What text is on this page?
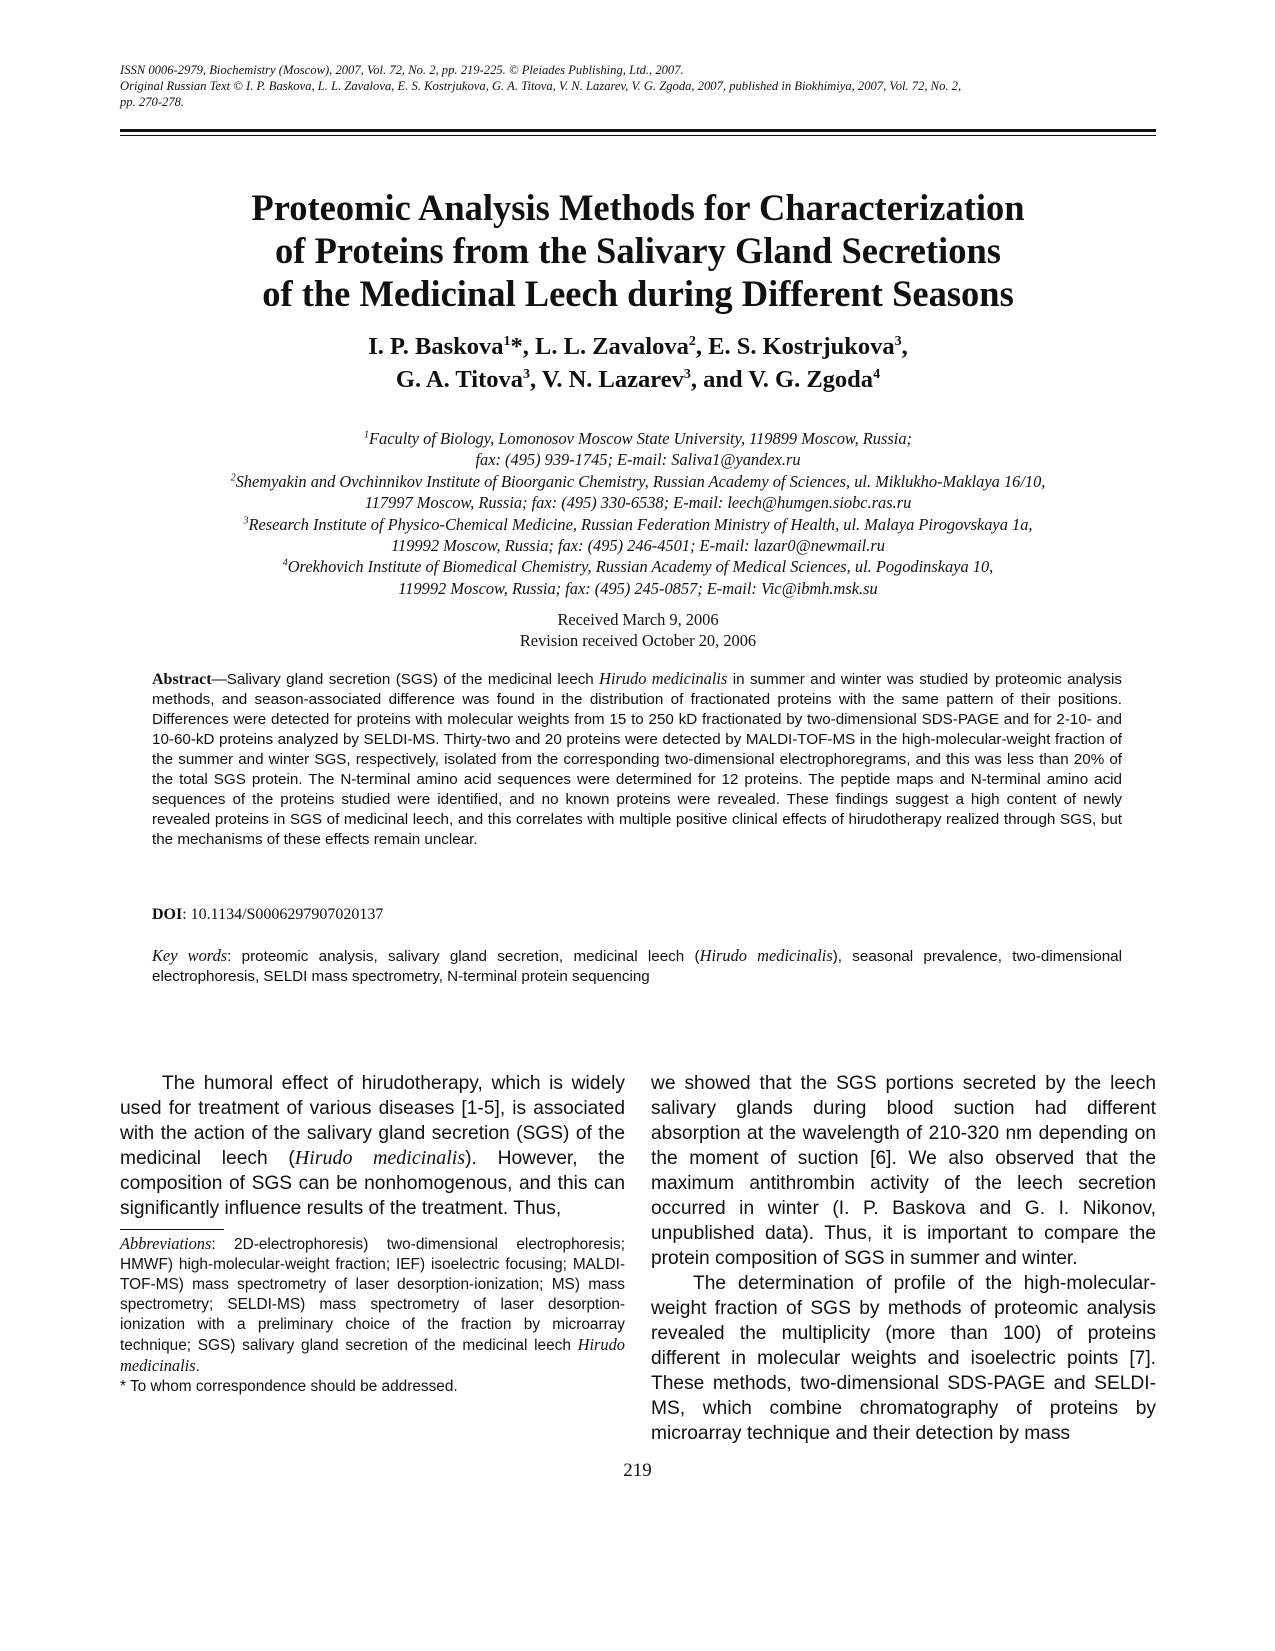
ISSN 0006-2979, Biochemistry (Moscow), 2007, Vol. 72, No. 2, pp. 219-225. © Pleiades Publishing, Ltd., 2007.
Original Russian Text © I. P. Baskova, L. L. Zavalova, E. S. Kostrjukova, G. A. Titova, V. N. Lazarev, V. G. Zgoda, 2007, published in Biokhimiya, 2007, Vol. 72, No. 2,
pp. 270-278.
Proteomic Analysis Methods for Characterization
of Proteins from the Salivary Gland Secretions
of the Medicinal Leech during Different Seasons
I. P. Baskova$^1$*, L. L. Zavalova$^2$, E. S. Kostrjukova$^3$,
G. A. Titova$^3$, V. N. Lazarev$^3$, and V. G. Zgoda$^4$
$^1$Faculty of Biology, Lomonosov Moscow State University, 119899 Moscow, Russia;
fax: (495) 939-1745; E-mail: Saliva1@yandex.ru
$^2$Shemyakin and Ovchinnikov Institute of Bioorganic Chemistry, Russian Academy of Sciences, ul. Miklukho-Maklaya 16/10,
117997 Moscow, Russia; fax: (495) 330-6538; E-mail: leech@humgen.siobc.ras.ru
$^3$Research Institute of Physico-Chemical Medicine, Russian Federation Ministry of Health, ul. Malaya Pirogovskaya 1a,
119992 Moscow, Russia; fax: (495) 246-4501; E-mail: lazar0@newmail.ru
$^4$Orekhovich Institute of Biomedical Chemistry, Russian Academy of Medical Sciences, ul. Pogodinskaya 10,
119992 Moscow, Russia; fax: (495) 245-0857; E-mail: Vic@ibmh.msk.su
Received March 9, 2006
Revision received October 20, 2006
Abstract—Salivary gland secretion (SGS) of the medicinal leech Hirudo medicinalis in summer and winter was studied by proteomic analysis methods, and season-associated difference was found in the distribution of fractionated proteins with the same pattern of their positions. Differences were detected for proteins with molecular weights from 15 to 250 kD fractionated by two-dimensional SDS-PAGE and for 2-10- and 10-60-kD proteins analyzed by SELDI-MS. Thirty-two and 20 proteins were detected by MALDI-TOF-MS in the high-molecular-weight fraction of the summer and winter SGS, respectively, isolated from the corresponding two-dimensional electrophoregrams, and this was less than 20% of the total SGS protein. The N-terminal amino acid sequences were determined for 12 proteins. The peptide maps and N-terminal amino acid sequences of the proteins studied were identified, and no known proteins were revealed. These findings suggest a high content of newly revealed proteins in SGS of medicinal leech, and this correlates with multiple positive clinical effects of hirudotherapy realized through SGS, but the mechanisms of these effects remain unclear.
DOI: 10.1134/S0006297907020137
Key words: proteomic analysis, salivary gland secretion, medicinal leech (Hirudo medicinalis), seasonal prevalence, two-dimensional electrophoresis, SELDI mass spectrometry, N-terminal protein sequencing

The humoral effect of hirudotherapy, which is widely used for treatment of various diseases [1-5], is associated with the action of the salivary gland secretion (SGS) of the medicinal leech (Hirudo medicinalis). However, the composition of SGS can be nonhomogenous, and this can significantly influence results of the treatment. Thus,

Abbreviations: 2D-electrophoresis) two-dimensional electrophoresis; HMWF) high-molecular-weight fraction; IEF) isoelectric focusing; MALDI-TOF-MS) mass spectrometry of laser desorption-ionization; MS) mass spectrometry; SELDI-MS) mass spectrometry of laser desorption-ionization with a preliminary choice of the fraction by microarray technique; SGS) salivary gland secretion of the medicinal leech Hirudo medicinalis.

* To whom correspondence should be addressed.

we showed that the SGS portions secreted by the leech salivary glands during blood suction had different absorption at the wavelength of 210-320 nm depending on the moment of suction [6]. We also observed that the maximum antithrombin activity of the leech secretion occurred in winter (I. P. Baskova and G. I. Nikonov, unpublished data). Thus, it is important to compare the protein composition of SGS in summer and winter.

The determination of profile of the high-molecular-weight fraction of SGS by methods of proteomic analysis revealed the multiplicity (more than 100) of proteins different in molecular weights and isoelectric points [7]. These methods, two-dimensional SDS-PAGE and SELDI-MS, which combine chromatography of proteins by microarray technique and their detection by mass

219
